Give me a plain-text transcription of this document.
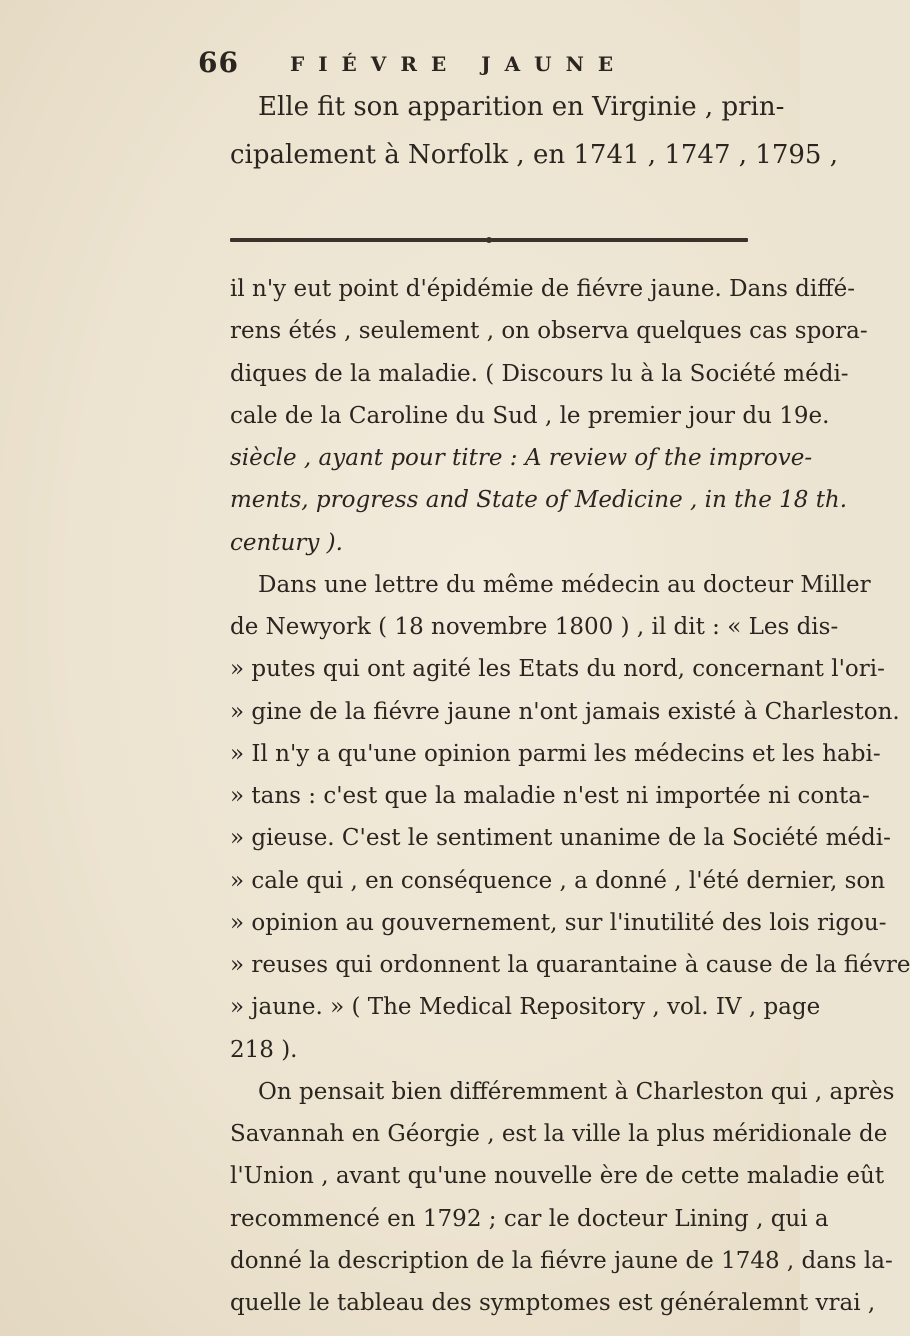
66	FIÉVRE JAUNE
Elle fit son apparition en Virginie , prin-
cipalement à Norfolk , en 1741 , 1747 , 1795 ,
il n'y eut point d'épidémie de fiévre jaune. Dans diffé-
rens étés , seulement , on observa quelques cas spora-
diques de la maladie. ( Discours lu à la Société médi-
cale de la Caroline du Sud , le premier jour du 19e.
siècle , ayant pour titre : A review of the improve-
ments, progress and State of Medicine , in the 18 th.
century ).
Dans une lettre du même médecin au docteur Miller
de Newyork ( 18 novembre 1800 ) , il dit : « Les dis-
» putes qui ont agité les Etats du nord, concernant l'ori-
» gine de la fiévre jaune n'ont jamais existé à Charleston.
» Il n'y a qu'une opinion parmi les médecins et les habi-
» tans : c'est que la maladie n'est ni importée ni conta-
» gieuse. C'est le sentiment unanime de la Société médi-
» cale qui , en conséquence , a donné , l'été dernier, son
» opinion au gouvernement, sur l'inutilité des lois rigou-
» reuses qui ordonnent la quarantaine à cause de la fiévre
» jaune. » ( The Medical Repository , vol. IV , page
218 ).
On pensait bien différemment à Charleston qui , après
Savannah en Géorgie , est la ville la plus méridionale de
l'Union , avant qu'une nouvelle ère de cette maladie eût
recommencé en 1792 ; car le docteur Lining , qui a
donné la description de la fiévre jaune de 1748 , dans la-
quelle le tableau des symptomes est généralemnt vrai ,
